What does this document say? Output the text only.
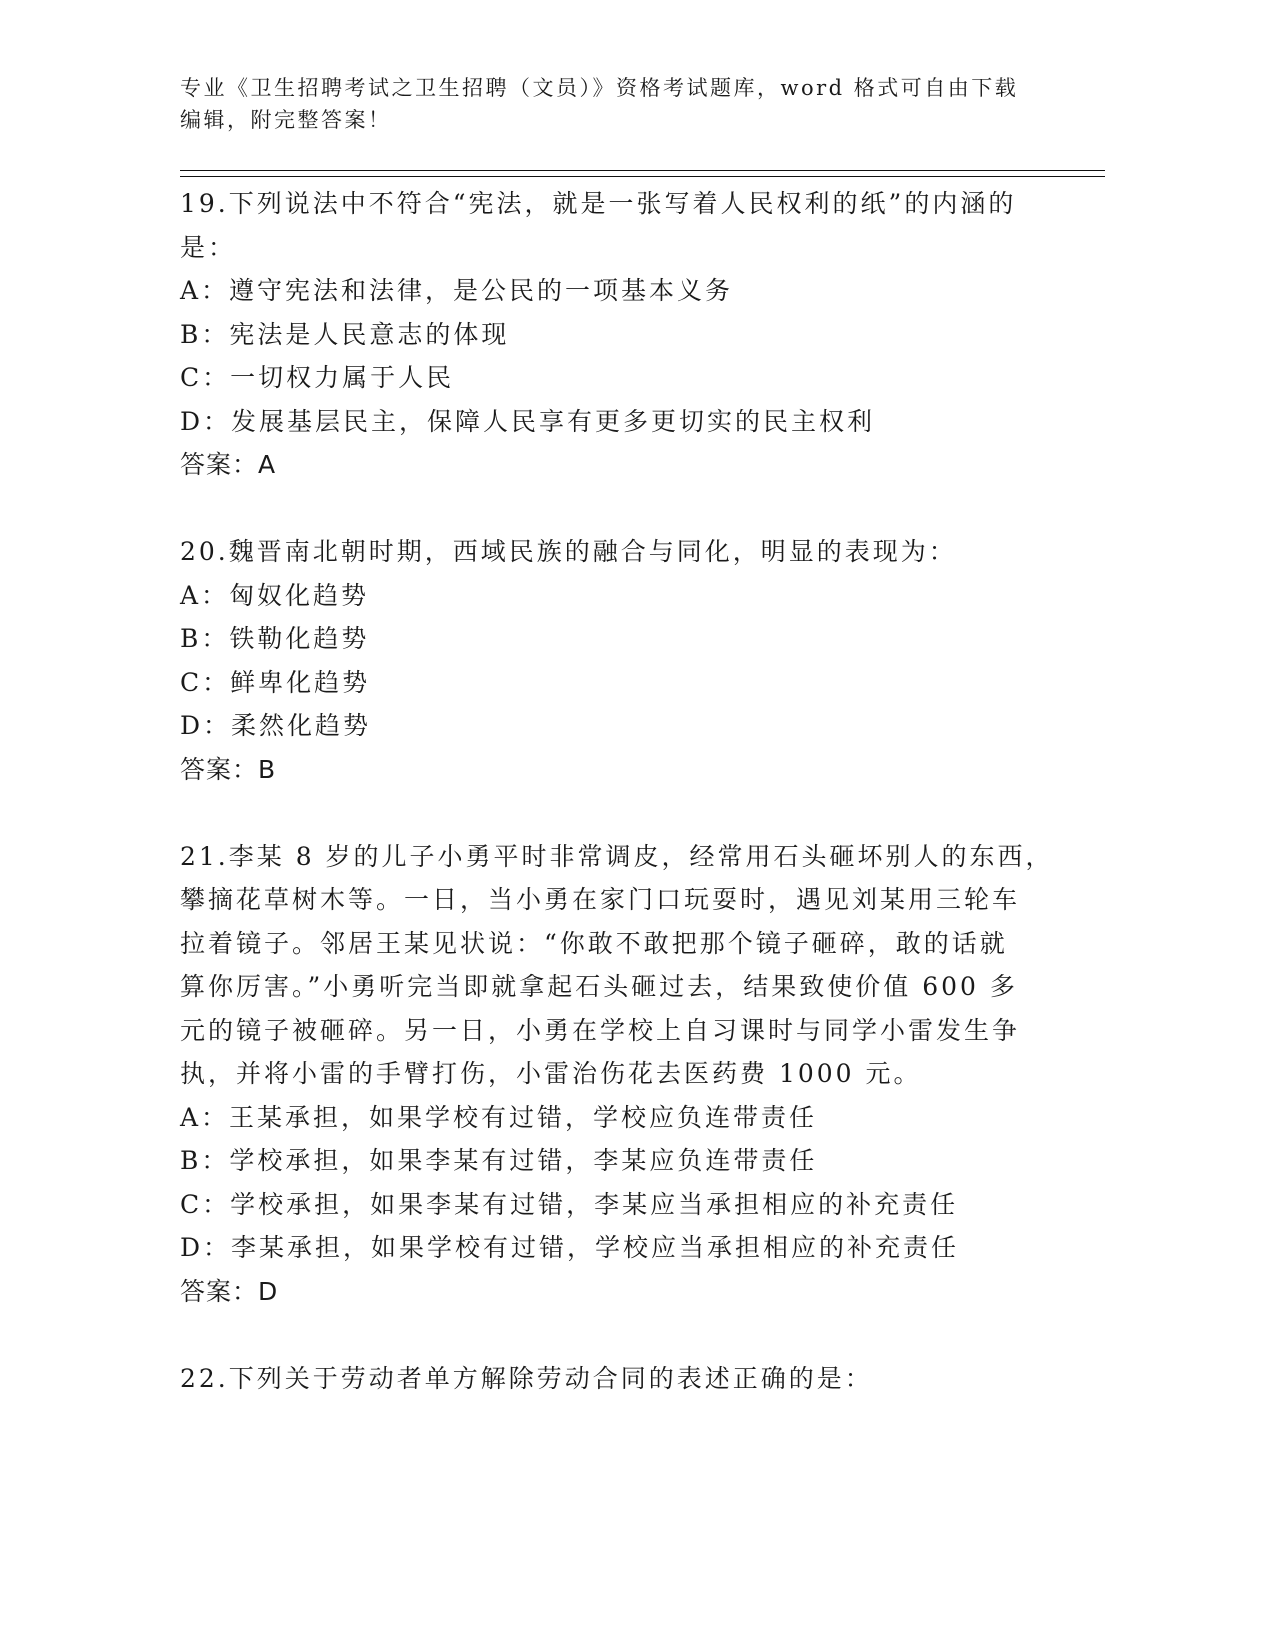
专业《卫生招聘考试之卫生招聘（文员）》资格考试题库，word 格式可自由下载

编辑，附完整答案！

19.下列说法中不符合“宪法，就是一张写着人民权利的纸”的内涵的
是：
A：遵守宪法和法律，是公民的一项基本义务
B：宪法是人民意志的体现
C：一切权力属于人民
D：发展基层民主，保障人民享有更多更切实的民主权利
答案：A
20.魏晋南北朝时期，西域民族的融合与同化，明显的表现为：
A：匈奴化趋势
B：铁勒化趋势
C：鲜卑化趋势
D：柔然化趋势
答案：B
21.李某 8 岁的儿子小勇平时非常调皮，经常用石头砸坏别人的东西，
攀摘花草树木等。一日，当小勇在家门口玩耍时，遇见刘某用三轮车
拉着镜子。邻居王某见状说：“你敢不敢把那个镜子砸碎，敢的话就
算你厉害。”小勇听完当即就拿起石头砸过去，结果致使价值 600 多
元的镜子被砸碎。另一日，小勇在学校上自习课时与同学小雷发生争
执，并将小雷的手臂打伤，小雷治伤花去医药费 1000 元。
A：王某承担，如果学校有过错，学校应负连带责任
B：学校承担，如果李某有过错，李某应负连带责任
C：学校承担，如果李某有过错，李某应当承担相应的补充责任
D：李某承担，如果学校有过错，学校应当承担相应的补充责任
答案：D
22.下列关于劳动者单方解除劳动合同的表述正确的是：
